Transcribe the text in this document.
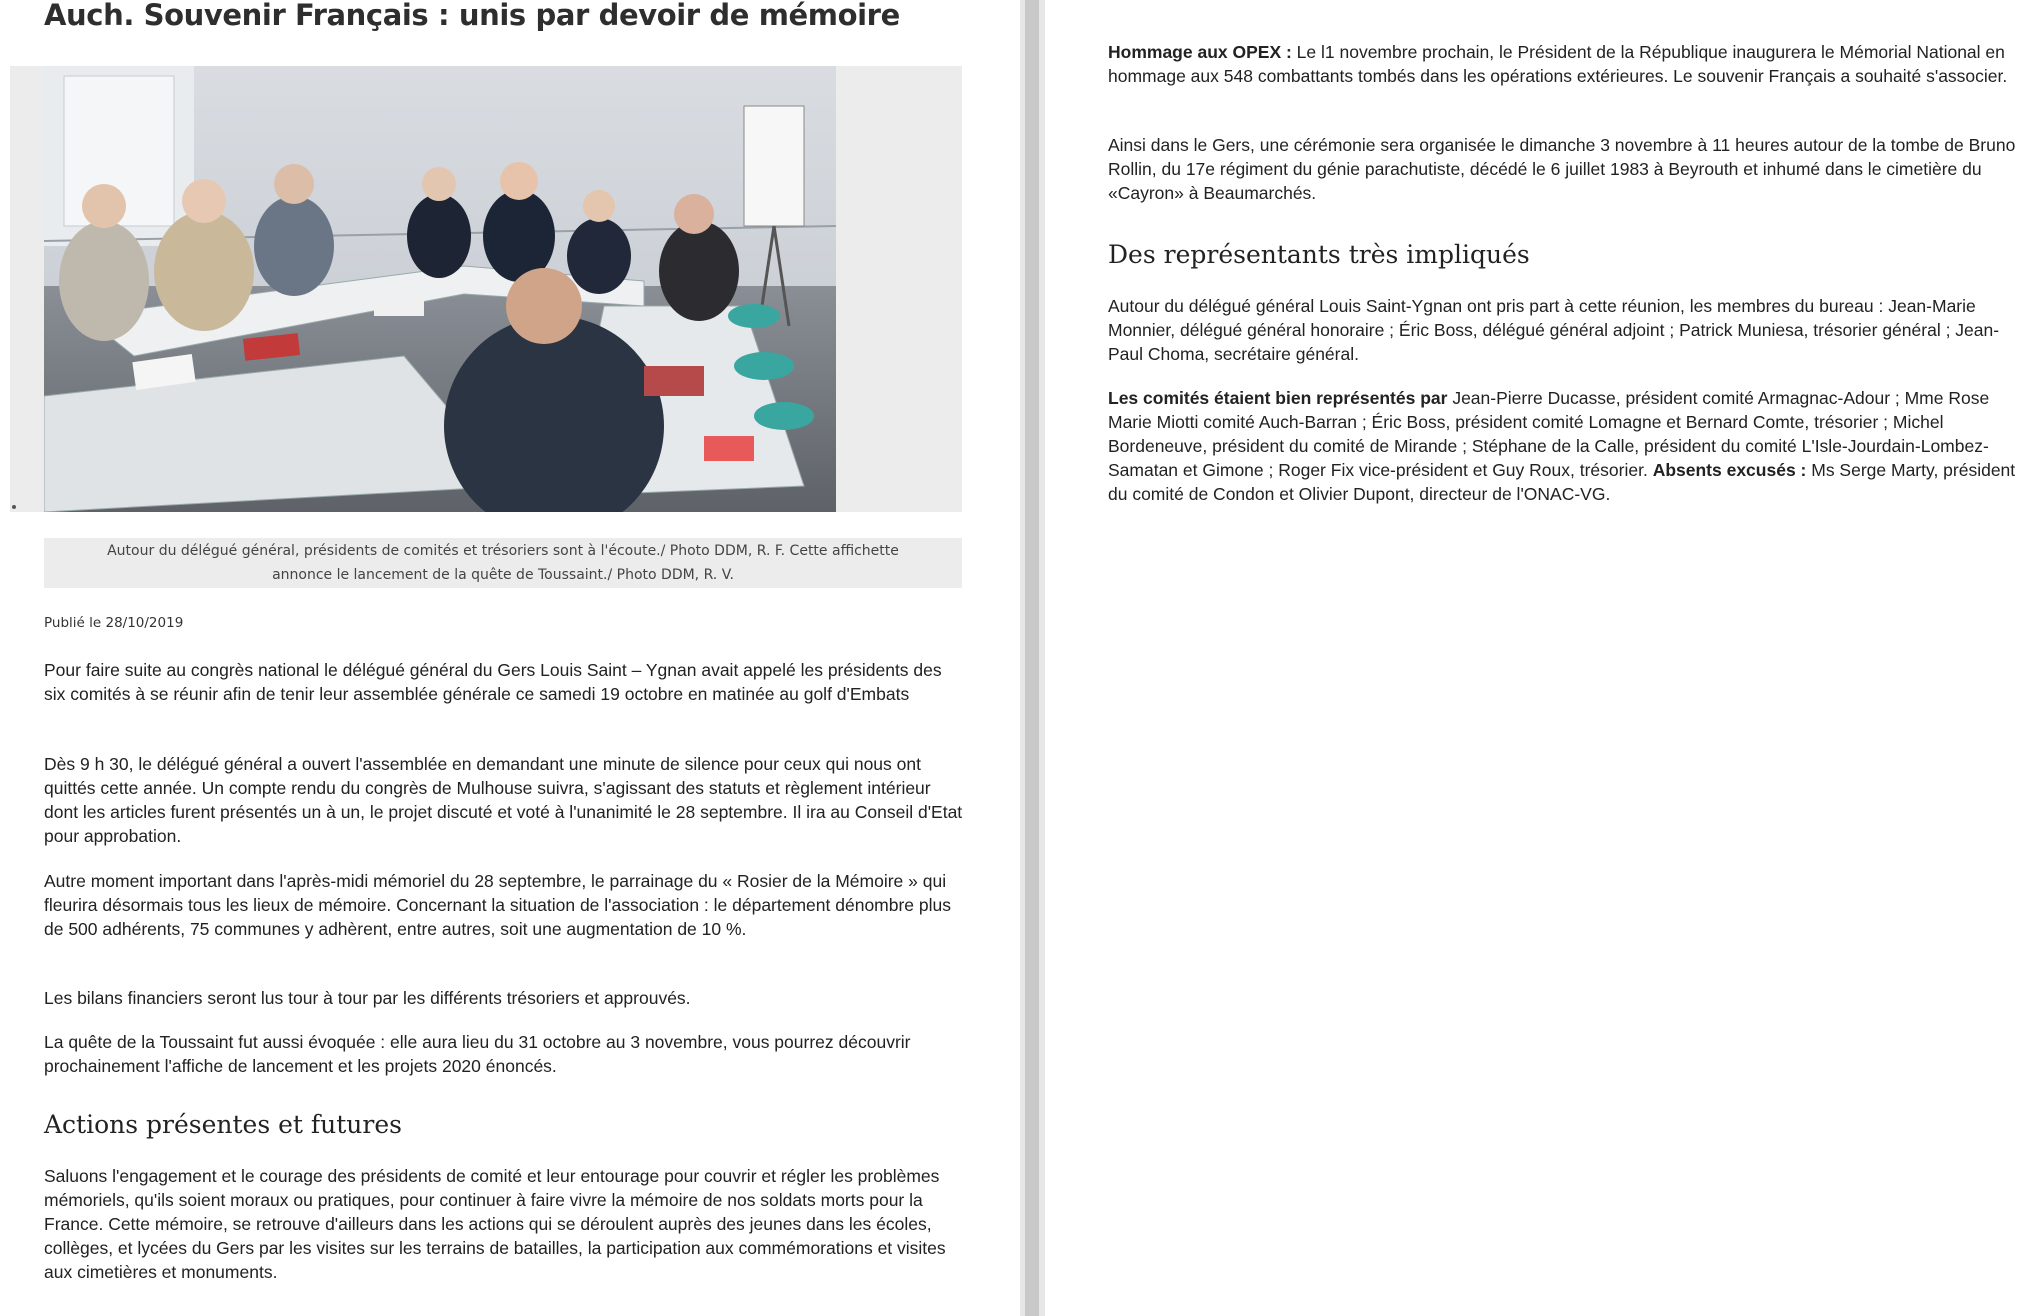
Auch. Souvenir Français : unis par devoir de mémoire
Autour du délégué général, présidents de comités et trésoriers sont à l'écoute./ Photo DDM, R. F. Cette affichette
annonce le lancement de la quête de Toussaint./ Photo DDM, R. V.
Publié le 28/10/2019

Pour faire suite au congrès national le délégué général du Gers Louis Saint – Ygnan avait appelé les présidents des six comités à se réunir afin de tenir leur assemblée générale ce samedi 19 octobre en matinée au golf d'Embats

Dès 9 h 30, le délégué général a ouvert l'assemblée en demandant une minute de silence pour ceux qui nous ont quittés cette année. Un compte rendu du congrès de Mulhouse suivra, s'agissant des statuts et règlement intérieur dont les articles furent présentés un à un, le projet discuté et voté à l'unanimité le 28 septembre. Il ira au Conseil d'Etat pour approbation.

Autre moment important dans l'après-midi mémoriel du 28 septembre, le parrainage du « Rosier de la Mémoire » qui fleurira désormais tous les lieux de mémoire. Concernant la situation de l'association : le département dénombre plus de 500 adhérents, 75 communes y adhèrent, entre autres, soit une augmentation de 10 %.

Les bilans financiers seront lus tour à tour par les différents trésoriers et approuvés.

La quête de la Toussaint fut aussi évoquée : elle aura lieu du 31 octobre au 3 novembre, vous pourrez découvrir prochainement l'affiche de lancement et les projets 2020 énoncés.

Actions présentes et futures

Saluons l'engagement et le courage des présidents de comité et leur entourage pour couvrir et régler les problèmes mémoriels, qu'ils soient moraux ou pratiques, pour continuer à faire vivre la mémoire de nos soldats morts pour la France. Cette mémoire, se retrouve d'ailleurs dans les actions qui se déroulent auprès des jeunes dans les écoles, collèges, et lycées du Gers par les visites sur les terrains de batailles, la participation aux commémorations et visites aux cimetières et monuments.

Hommage aux OPEX : Le l1 novembre prochain, le Président de la République inaugurera le Mémorial National en hommage aux 548 combattants tombés dans les opérations extérieures. Le souvenir Français a souhaité s'associer.

Ainsi dans le Gers, une cérémonie sera organisée le dimanche 3 novembre à 11 heures autour de la tombe de Bruno Rollin, du 17e régiment du génie parachutiste, décédé le 6 juillet 1983 à Beyrouth et inhumé dans le cimetière du «Cayron» à Beaumarchés.

Des représentants très impliqués

Autour du délégué général Louis Saint-Ygnan ont pris part à cette réunion, les membres du bureau : Jean-Marie Monnier, délégué général honoraire ; Éric Boss, délégué général adjoint ; Patrick Muniesa, trésorier général ; Jean-Paul Choma, secrétaire général.

Les comités étaient bien représentés par Jean-Pierre Ducasse, président comité Armagnac-Adour ; Mme Rose Marie Miotti comité Auch-Barran ; Éric Boss, président comité Lomagne et Bernard Comte, trésorier ; Michel Bordeneuve, président du comité de Mirande ; Stéphane de la Calle, président du comité L'Isle-Jourdain-Lombez-Samatan et Gimone ; Roger Fix vice-président et Guy Roux, trésorier. Absents excusés : Ms Serge Marty, président du comité de Condon et Olivier Dupont, directeur de l'ONAC-VG.
